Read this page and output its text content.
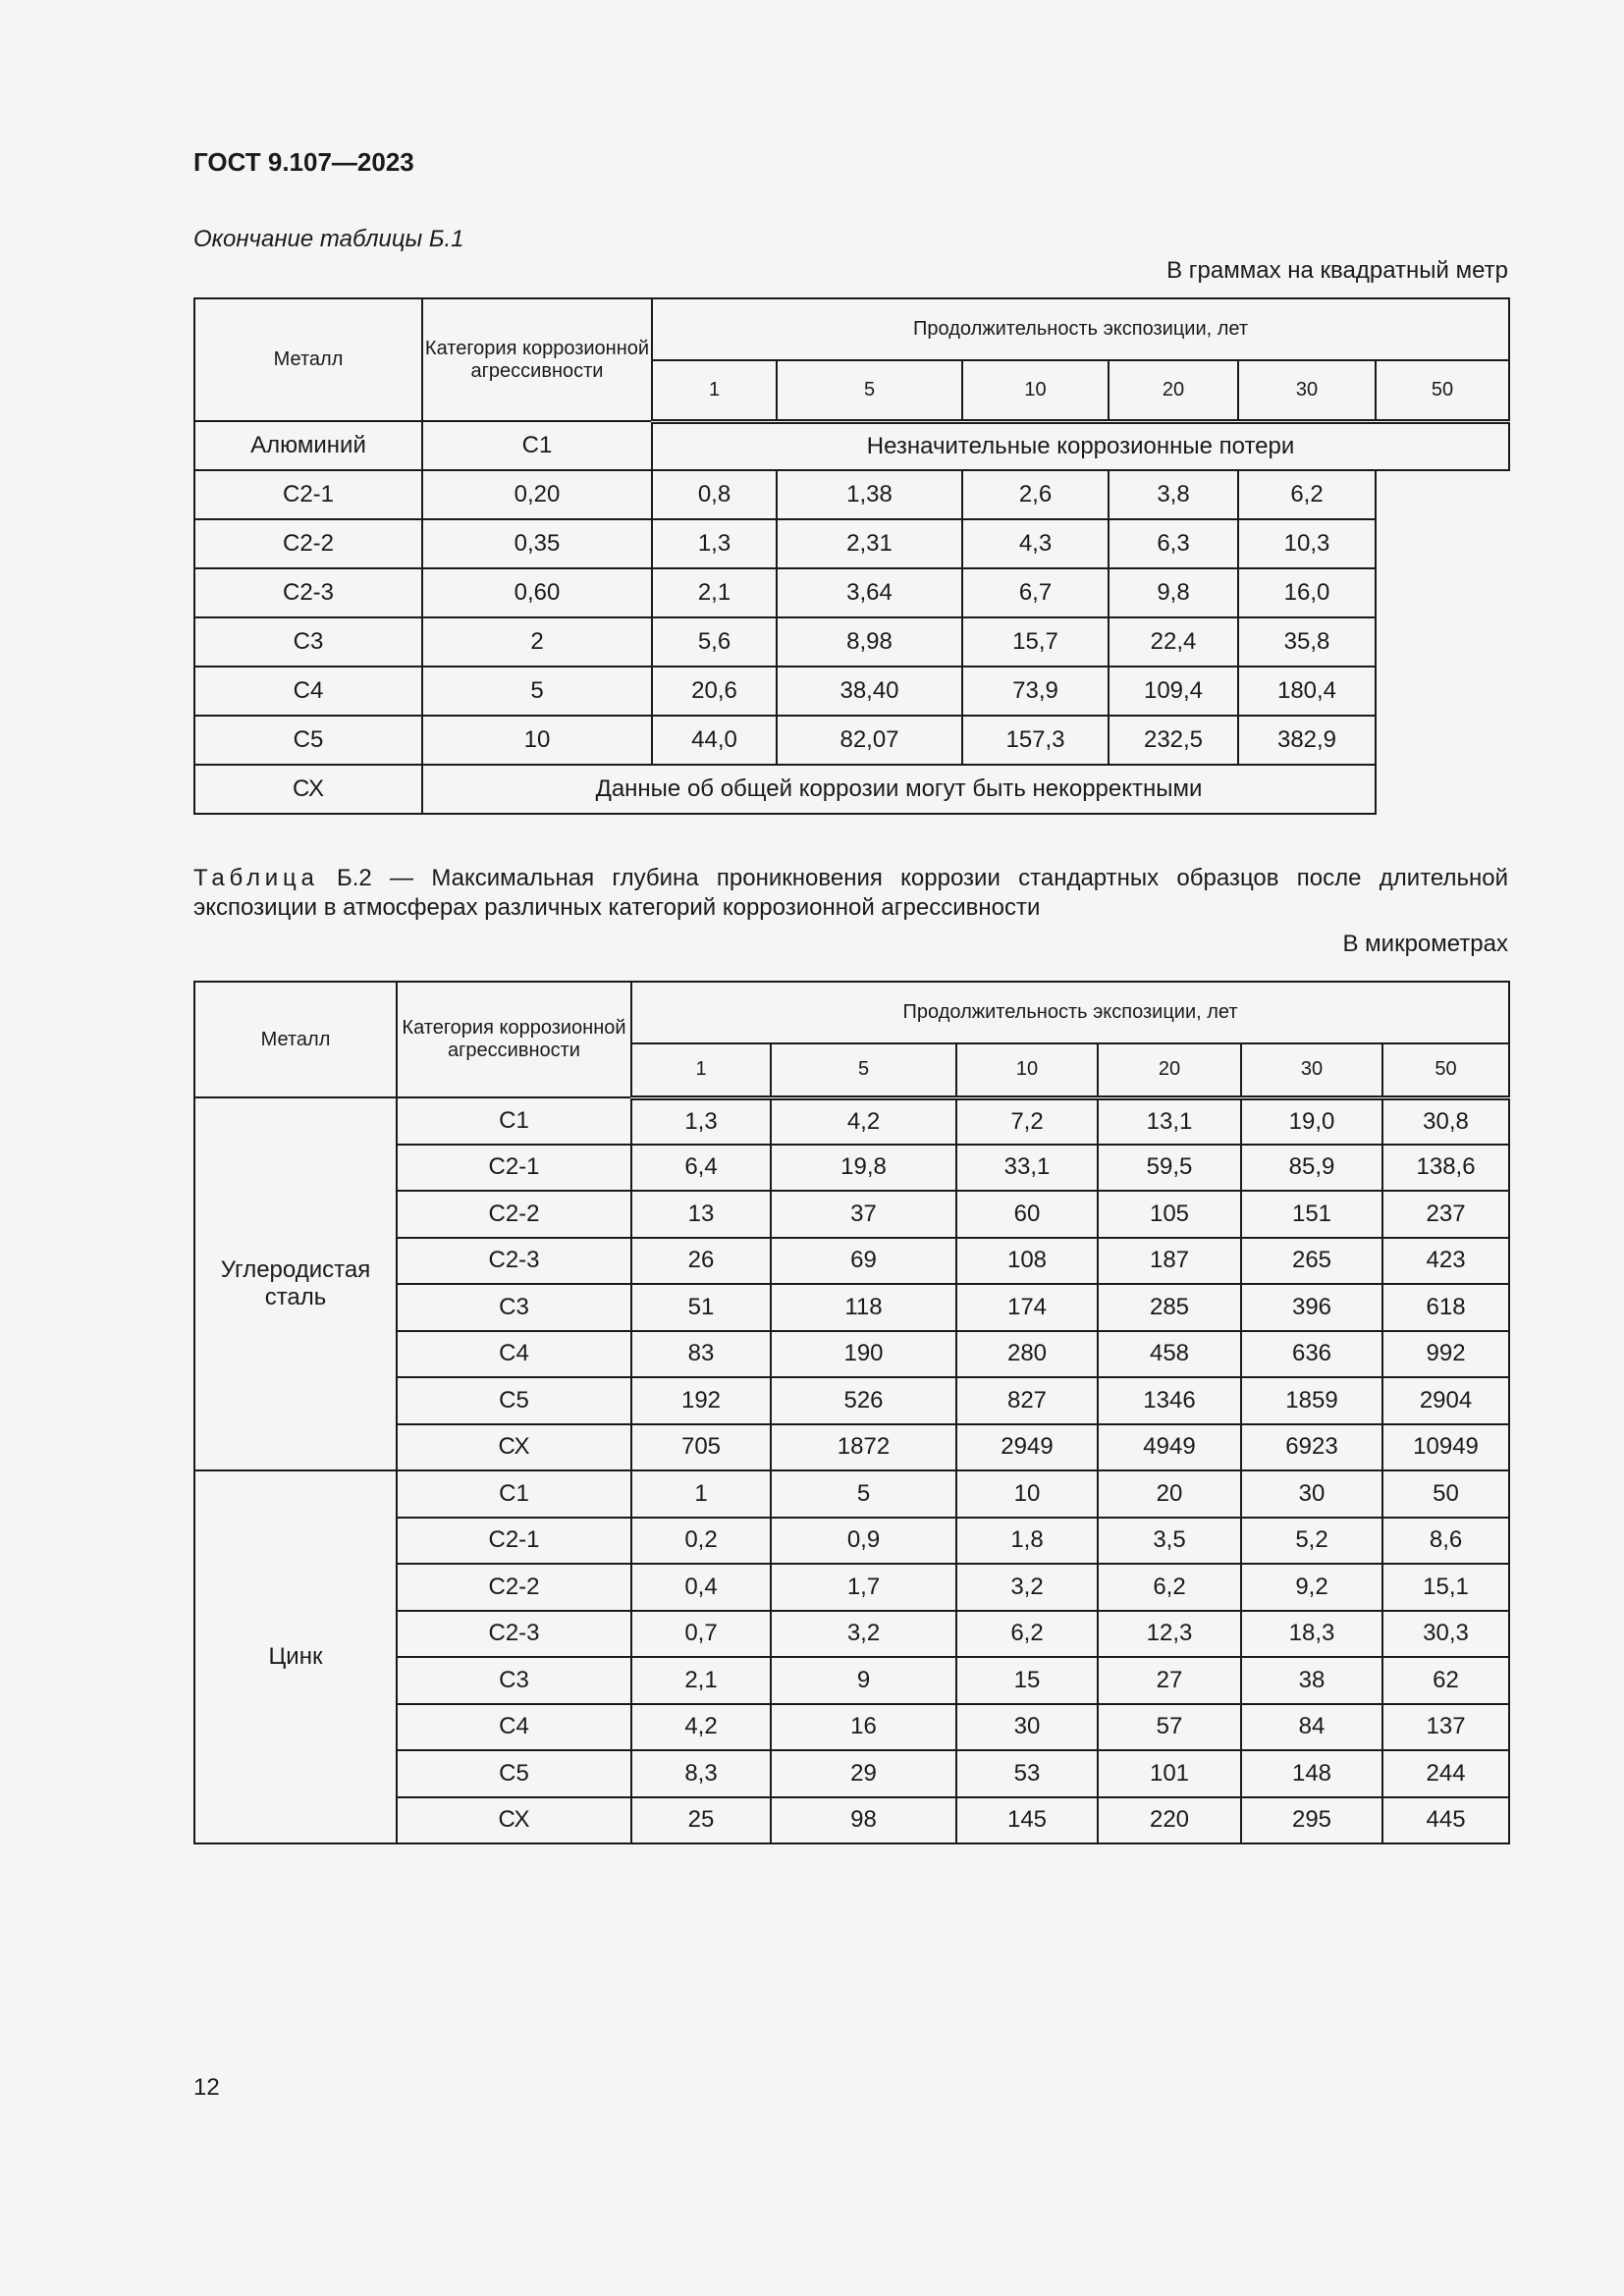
ГОСТ 9.107—2023
Окончание таблицы Б.1
В граммах на квадратный метр
Металл	Категория коррозионной агрессивности	Продолжительность экспозиции, лет					
		1	5	10	20	30	50
Алюминий	С1	Незначительные коррозионные потери					
С2-1	0,20	0,8	1,38	2,6	3,8	6,2	
С2-2	0,35	1,3	2,31	4,3	6,3	10,3	
С2-3	0,60	2,1	3,64	6,7	9,8	16,0	
С3	2	5,6	8,98	15,7	22,4	35,8	
С4	5	20,6	38,40	73,9	109,4	180,4	
С5	10	44,0	82,07	157,3	232,5	382,9	
СХ	Данные об общей коррозии могут быть некорректными						
Таблица Б.2 — Максимальная глубина проникновения коррозии стандартных образцов после длительной экспозиции в атмосферах различных категорий коррозионной агрессивности
В микрометрах
Металл	Категория коррозионной агрессивности	Продолжительность экспозиции, лет					
		1	5	10	20	30	50
Углеродистая сталь	С1	1,3	4,2	7,2	13,1	19,0	30,8
	С2-1	6,4	19,8	33,1	59,5	85,9	138,6
	С2-2	13	37	60	105	151	237
	С2-3	26	69	108	187	265	423
	С3	51	118	174	285	396	618
	С4	83	190	280	458	636	992
	С5	192	526	827	1346	1859	2904
	СХ	705	1872	2949	4949	6923	10949
Цинк	С1	1	5	10	20	30	50
	С2-1	0,2	0,9	1,8	3,5	5,2	8,6
	С2-2	0,4	1,7	3,2	6,2	9,2	15,1
	С2-3	0,7	3,2	6,2	12,3	18,3	30,3
	С3	2,1	9	15	27	38	62
	С4	4,2	16	30	57	84	137
	С5	8,3	29	53	101	148	244
	СХ	25	98	145	220	295	445
12
